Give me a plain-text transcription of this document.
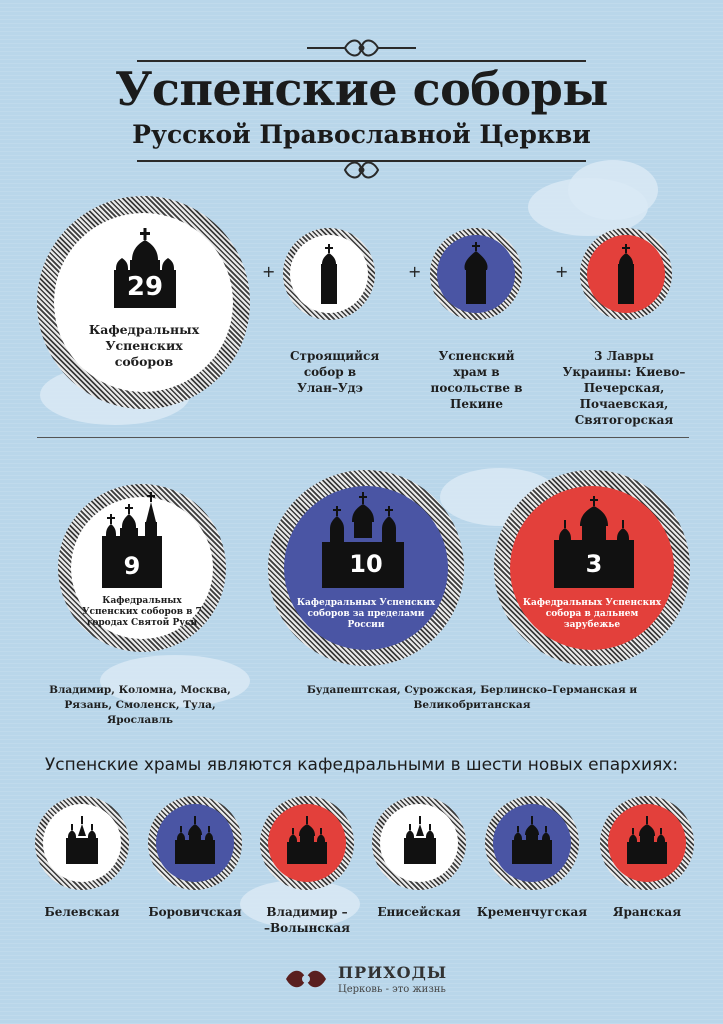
Успенские соборы
Русской Православной Церкви
29
Кафедральных Успенских соборов
+
Строящийся собор в Улан–Удэ
+
Успенский храм в посольстве в Пекине
+
3 Лавры Украины: Киево–Печерская, Почаевская, Святогорская
9
Кафедральных Успенских соборов в 7 городах Святой Руси
10
Кафедральных Успенских соборов за пределами России
3
Кафедральных Успенских собора в дальнем зарубежье
Владимир, Коломна, Москва, Рязань, Смоленск, Тула, Ярославль
Будапештская, Сурожская, Берлинско–Германская и Великобританская
Успенские храмы являются кафедральными в шести новых епархиях:
Белевская	Боровичская	Владимир – –Волынская
Енисейская	Кременчугская	Яранская
ПРИХОДЫ
Церковь - это жизнь
